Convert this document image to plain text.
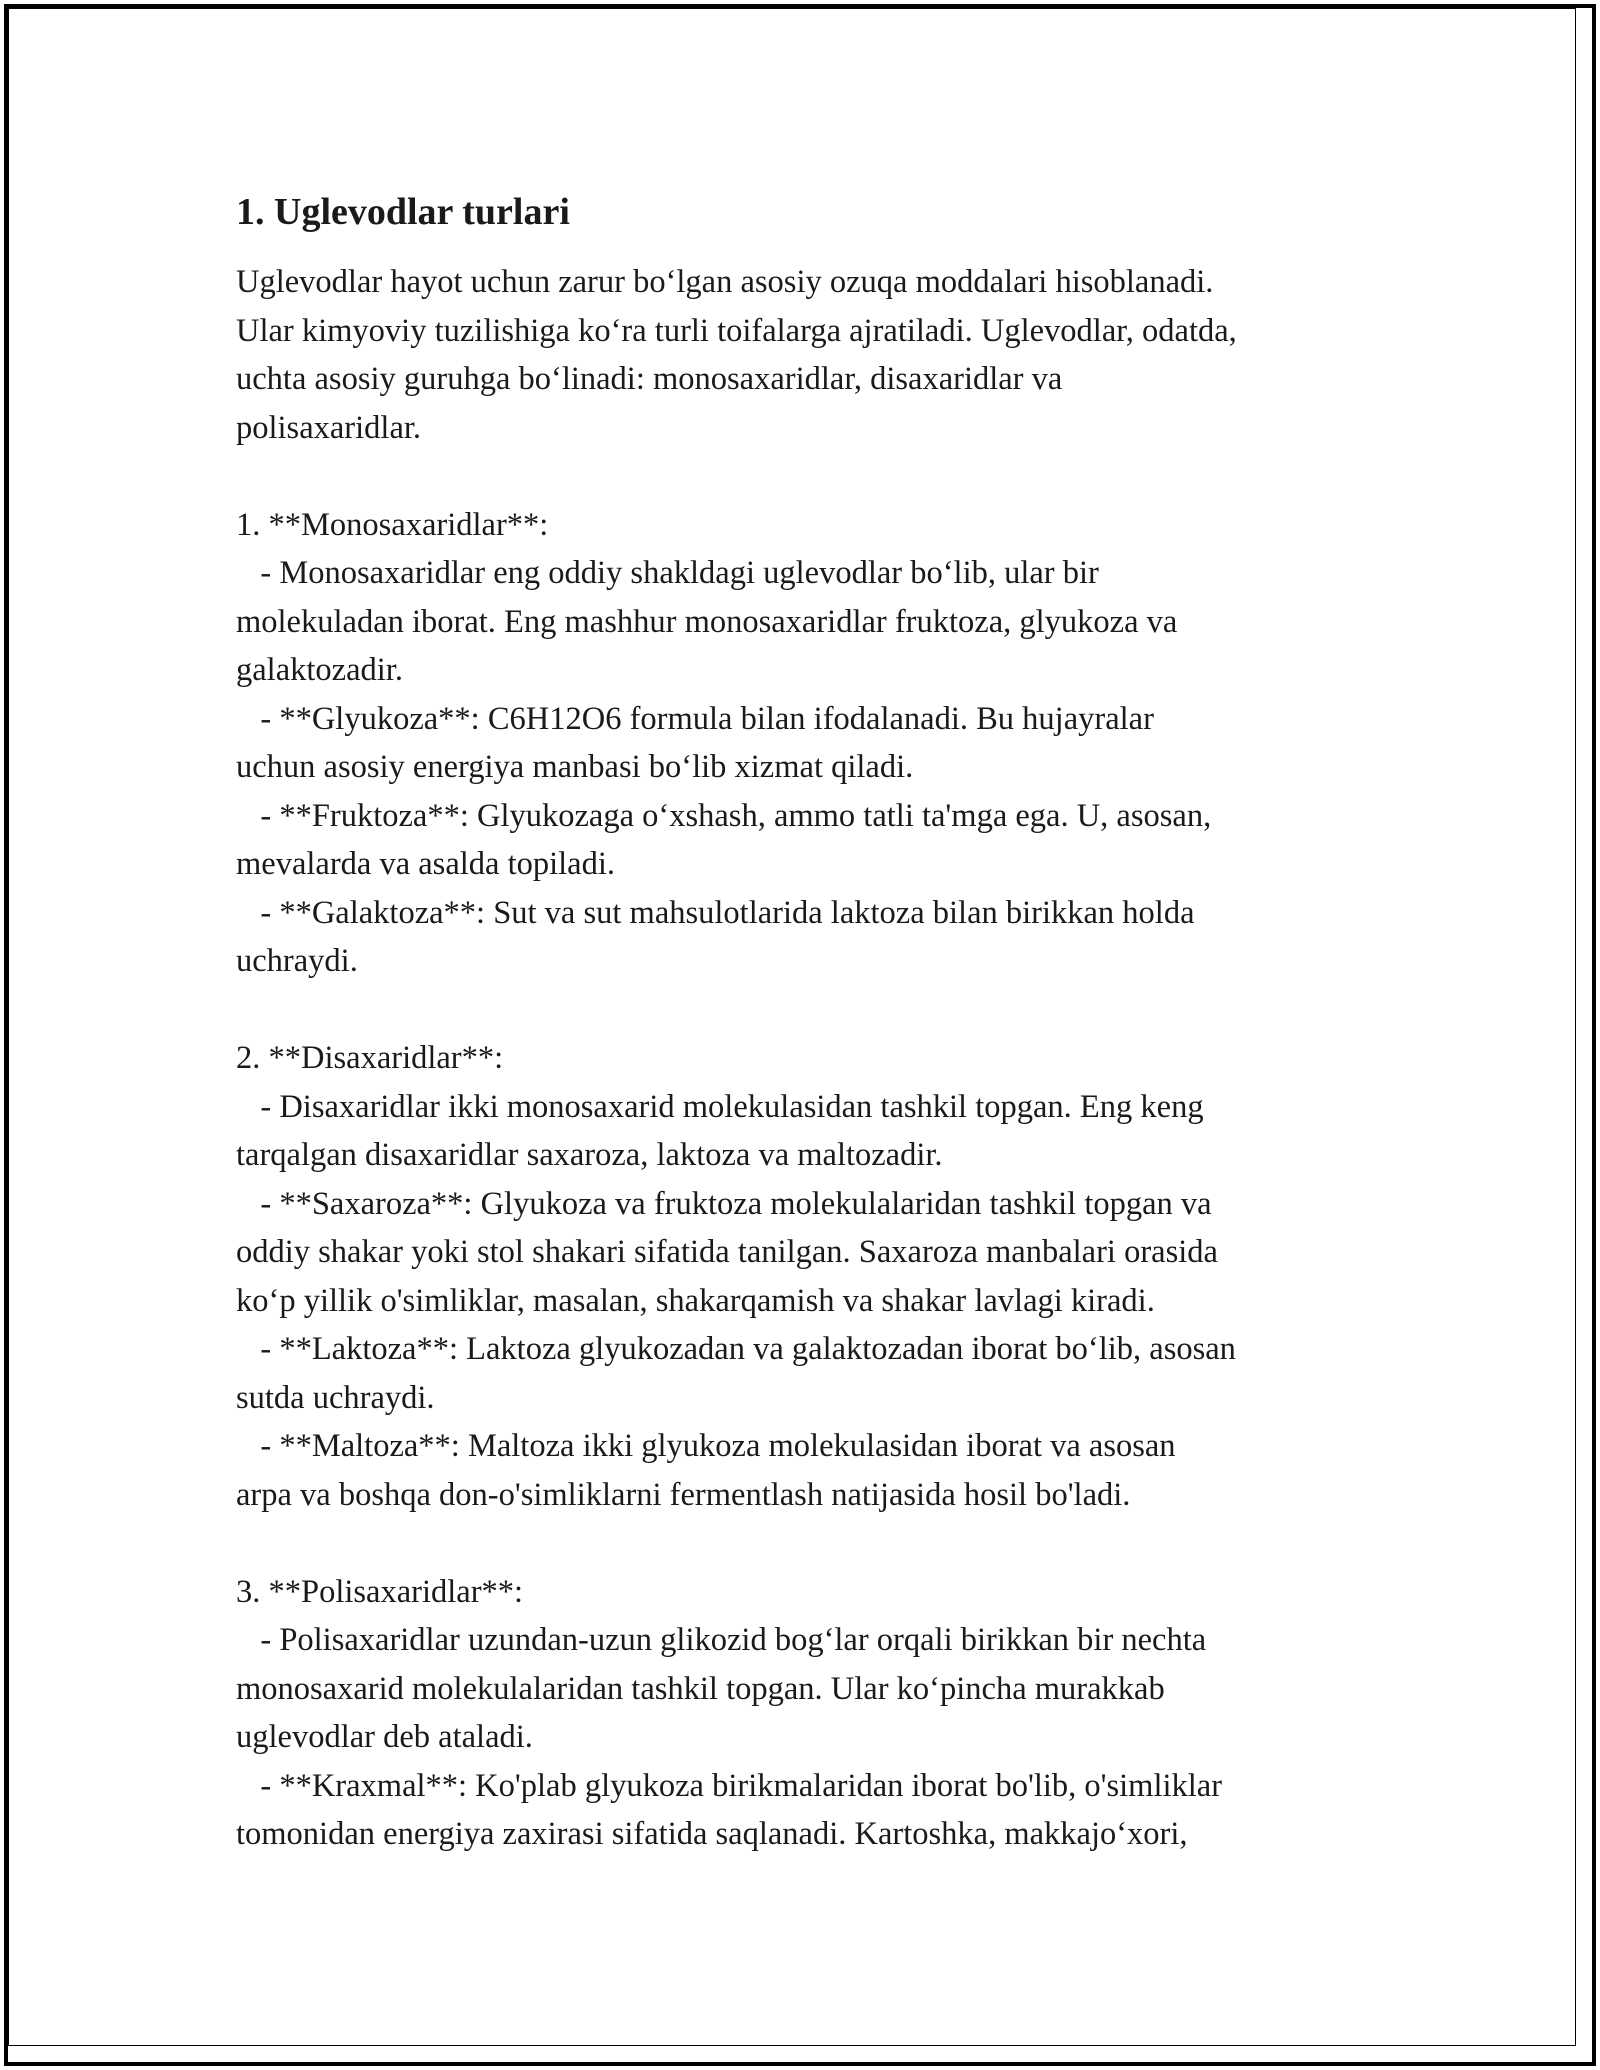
1. Uglevodlar turlari
Uglevodlar hayot uchun zarur bo‘lgan asosiy ozuqa moddalari hisoblanadi.
Ular kimyoviy tuzilishiga ko‘ra turli toifalarga ajratiladi. Uglevodlar, odatda,
uchta asosiy guruhga bo‘linadi: monosaxaridlar, disaxaridlar va
polisaxaridlar.
1. **Monosaxaridlar**:
- Monosaxaridlar eng oddiy shakldagi uglevodlar bo‘lib, ular bir
molekuladan iborat. Eng mashhur monosaxaridlar fruktoza, glyukoza va
galaktozadir.
- **Glyukoza**: C6H12O6 formula bilan ifodalanadi. Bu hujayralar
uchun asosiy energiya manbasi bo‘lib xizmat qiladi.
- **Fruktoza**: Glyukozaga o‘xshash, ammo tatli ta'mga ega. U, asosan,
mevalarda va asalda topiladi.
- **Galaktoza**: Sut va sut mahsulotlarida laktoza bilan birikkan holda
uchraydi.
2. **Disaxaridlar**:
- Disaxaridlar ikki monosaxarid molekulasidan tashkil topgan. Eng keng
tarqalgan disaxaridlar saxaroza, laktoza va maltozadir.
- **Saxaroza**: Glyukoza va fruktoza molekulalaridan tashkil topgan va
oddiy shakar yoki stol shakari sifatida tanilgan. Saxaroza manbalari orasida
ko‘p yillik o'simliklar, masalan, shakarqamish va shakar lavlagi kiradi.
- **Laktoza**: Laktoza glyukozadan va galaktozadan iborat bo‘lib, asosan
sutda uchraydi.
- **Maltoza**: Maltoza ikki glyukoza molekulasidan iborat va asosan
arpa va boshqa don-o'simliklarni fermentlash natijasida hosil bo'ladi.
3. **Polisaxaridlar**:
- Polisaxaridlar uzundan-uzun glikozid bog‘lar orqali birikkan bir nechta
monosaxarid molekulalaridan tashkil topgan. Ular ko‘pincha murakkab
uglevodlar deb ataladi.
- **Kraxmal**: Ko'plab glyukoza birikmalaridan iborat bo'lib, o'simliklar
tomonidan energiya zaxirasi sifatida saqlanadi. Kartoshka, makkajo‘xori,
